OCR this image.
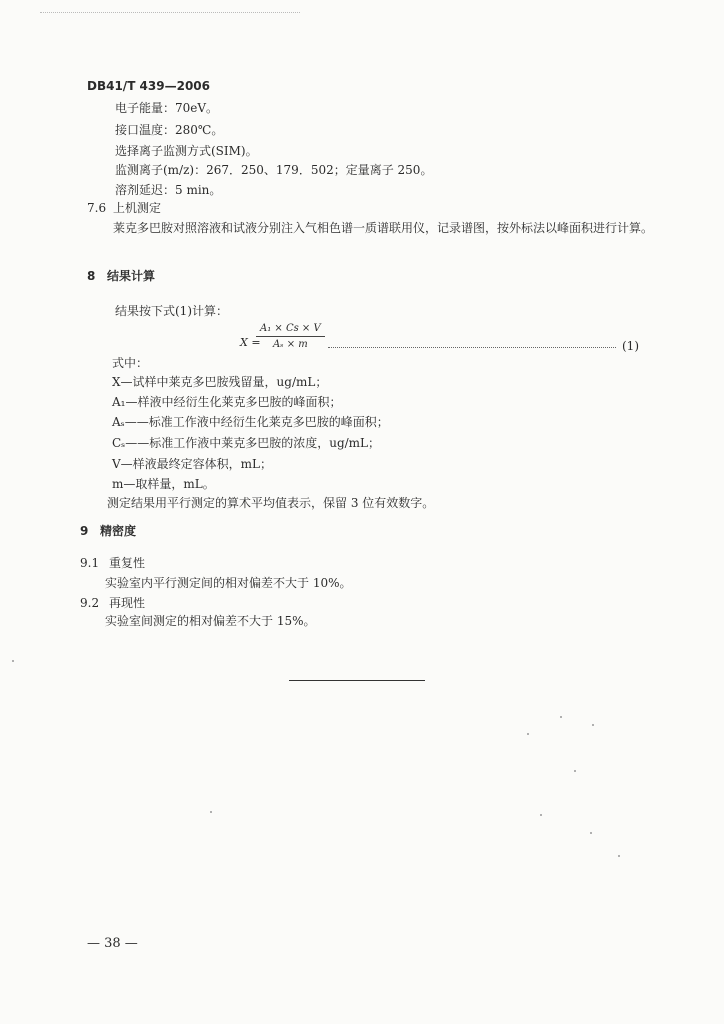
DB41/T 439—2006
电子能量：70eV。
接口温度：280℃。
选择离子监测方式(SIM)。
监测离子(m/z)：267．250、179．502；定量离子 250。
溶剂延迟：5 min。
7.6 上机测定
莱克多巴胺对照溶液和试液分别注入气相色谱一质谱联用仪，记录谱图，按外标法以峰面积进行计算。
8 结果计算
结果按下式(1)计算：
X =
$\frac{\text{A₁ × Cs × V}}{\text{Aₛ × m}}$	(1)
式中：
X—试样中莱克多巴胺残留量，ug/mL；
A₁—样液中经衍生化莱克多巴胺的峰面积；
Aₛ——标准工作液中经衍生化莱克多巴胺的峰面积；
Cₛ——标准工作液中莱克多巴胺的浓度，ug/mL；
V—样液最终定容体积，mL；
m—取样量，mL。
测定结果用平行测定的算术平均值表示，保留 3 位有效数字。
9 精密度
9.1 重复性
实验室内平行测定间的相对偏差不大于 10%。
9.2 再现性
实验室间测定的相对偏差不大于 15%。
— 38 —
